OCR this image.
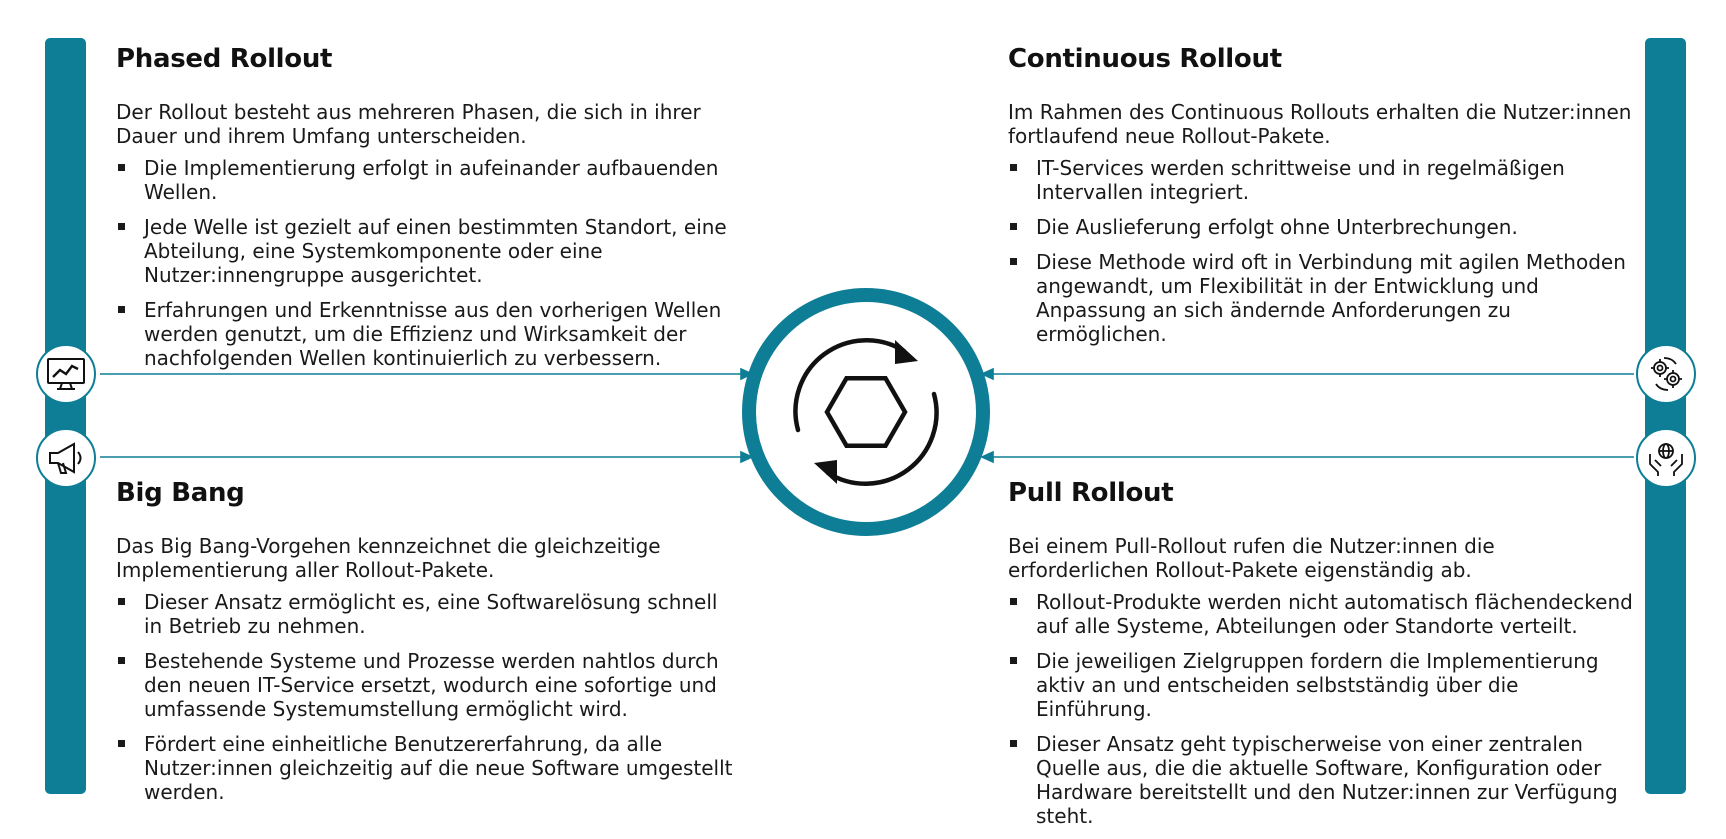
Phased Rollout

Der Rollout besteht aus mehreren Phasen, die sich in ihrer Dauer und ihrem Umfang unterscheiden.

Die Implementierung erfolgt in aufeinander aufbauenden Wellen.
Jede Welle ist gezielt auf einen bestimmten Standort, eine Abteilung, eine Systemkomponente oder eine Nutzer:innengruppe ausgerichtet.
Erfahrungen und Erkenntnisse aus den vorherigen Wellen werden genutzt, um die Effizienz und Wirksamkeit der nachfolgenden Wellen kontinuierlich zu verbessern.
Big Bang

Das Big Bang-Vorgehen kennzeichnet die gleichzeitige Implementierung aller Rollout-Pakete.

Dieser Ansatz ermöglicht es, eine Softwarelösung schnell in Betrieb zu nehmen.
Bestehende Systeme und Prozesse werden nahtlos durch den neuen IT-Service ersetzt, wodurch eine sofortige und umfassende Systemumstellung ermöglicht wird.
Fördert eine einheitliche Benutzererfahrung, da alle Nutzer:innen gleichzeitig auf die neue Software umgestellt werden.
Continuous Rollout

Im Rahmen des Continuous Rollouts erhalten die Nutzer:innen fortlaufend neue Rollout-Pakete.

IT-Services werden schrittweise und in regelmäßigen Intervallen integriert.
Die Auslieferung erfolgt ohne Unterbrechungen.
Diese Methode wird oft in Verbindung mit agilen Methoden angewandt, um Flexibilität in der Entwicklung und Anpassung an sich ändernde Anforderungen zu ermöglichen.
Pull Rollout

Bei einem Pull-Rollout rufen die Nutzer:innen die erforderlichen Rollout-Pakete eigenständig ab.

Rollout-Produkte werden nicht automatisch flächendeckend auf alle Systeme, Abteilungen oder Standorte verteilt.
Die jeweiligen Zielgruppen fordern die Implementierung aktiv an und entscheiden selbstständig über die Einführung.
Dieser Ansatz geht typischerweise von einer zentralen Quelle aus, die die aktuelle Software, Konfiguration oder Hardware bereitstellt und den Nutzer:innen zur Verfügung steht.
